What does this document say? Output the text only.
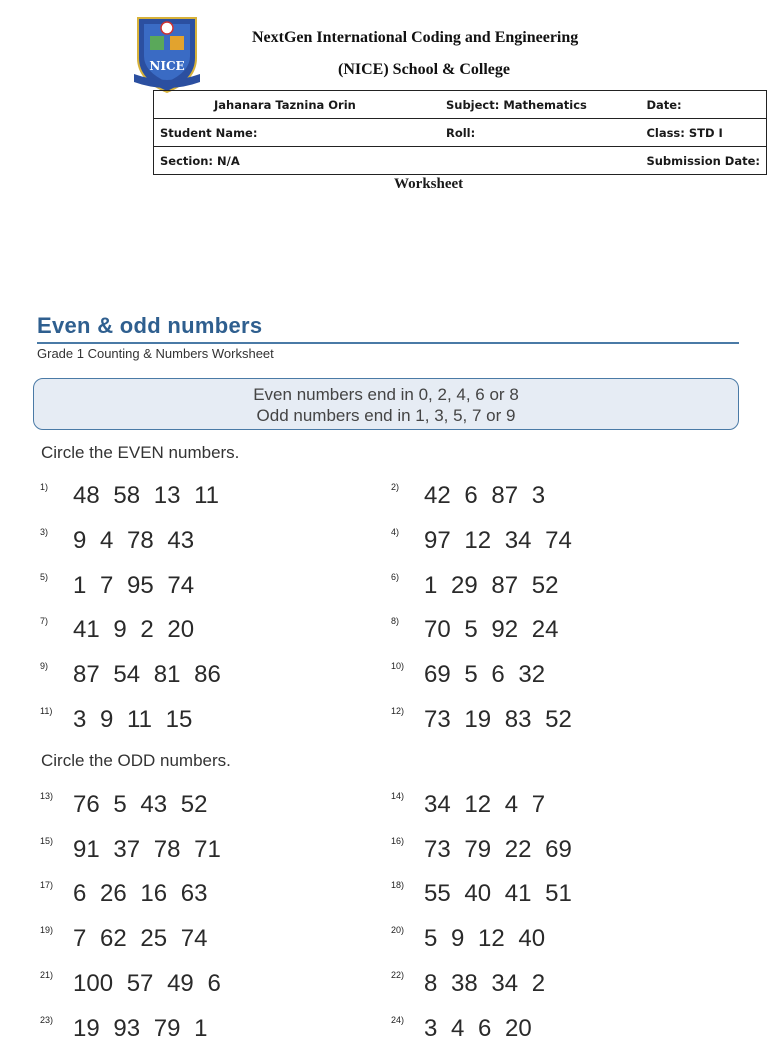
NICE
NextGen International Coding and Engineering
(NICE) School & College
Jahanara Taznina Orin	Subject: Mathematics	Date:
Student Name:	Roll:	Class: STD I
Section: N/A		Submission Date:
Worksheet
Even & odd numbers
Grade 1 Counting & Numbers Worksheet
Even numbers end in 0, 2, 4, 6 or 8
Odd numbers end in 1, 3, 5, 7 or 9
Circle the EVEN numbers.
Circle the ODD numbers.
1) 48 58 13 11	2) 42 6 87 3
3) 9 4 78 43	4) 97 12 34 74
5) 1 7 95 74	6) 1 29 87 52
7) 41 9 2 20	8) 70 5 92 24
9) 87 54 81 86	10) 69 5 6 32
11) 3 9 11 15	12) 73 19 83 52
13) 76 5 43 52	14) 34 12 4 7
15) 91 37 78 71	16) 73 79 22 69
17) 6 26 16 63	18) 55 40 41 51
19) 7 62 25 74	20) 5 9 12 40
21) 100 57 49 6	22) 8 38 34 2
23) 19 93 79 1	24) 3 4 6 20
